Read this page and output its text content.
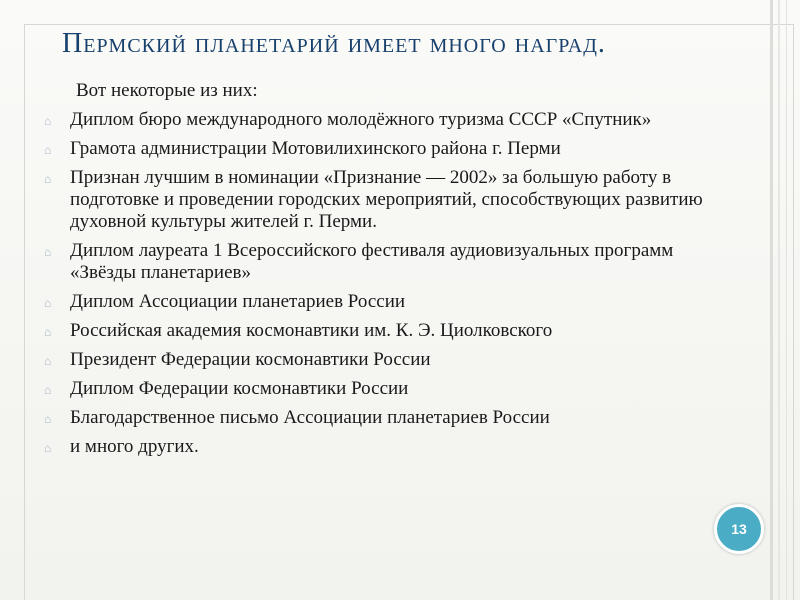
Пермский планетарий имеет много наград.
Вот некоторые из них:
⌂ Диплом бюро международного молодёжного туризма СССР «Спутник»
⌂ Грамота администрации Мотовилихинского района г. Перми
⌂ Признан лучшим в номинации «Признание — 2002» за большую работу в подготовке и проведении городских мероприятий, способствующих развитию духовной культуры жителей г. Перми.
⌂ Диплом лауреата 1 Всероссийского фестиваля аудиовизуальных программ «Звёзды планетариев»
⌂ Диплом Ассоциации планетариев России
⌂ Российская академия космонавтики им. К. Э. Циолковского
⌂ Президент Федерации космонавтики России
⌂ Диплом Федерации космонавтики России
⌂ Благодарственное письмо Ассоциации планетариев России
⌂ и много других.
13
